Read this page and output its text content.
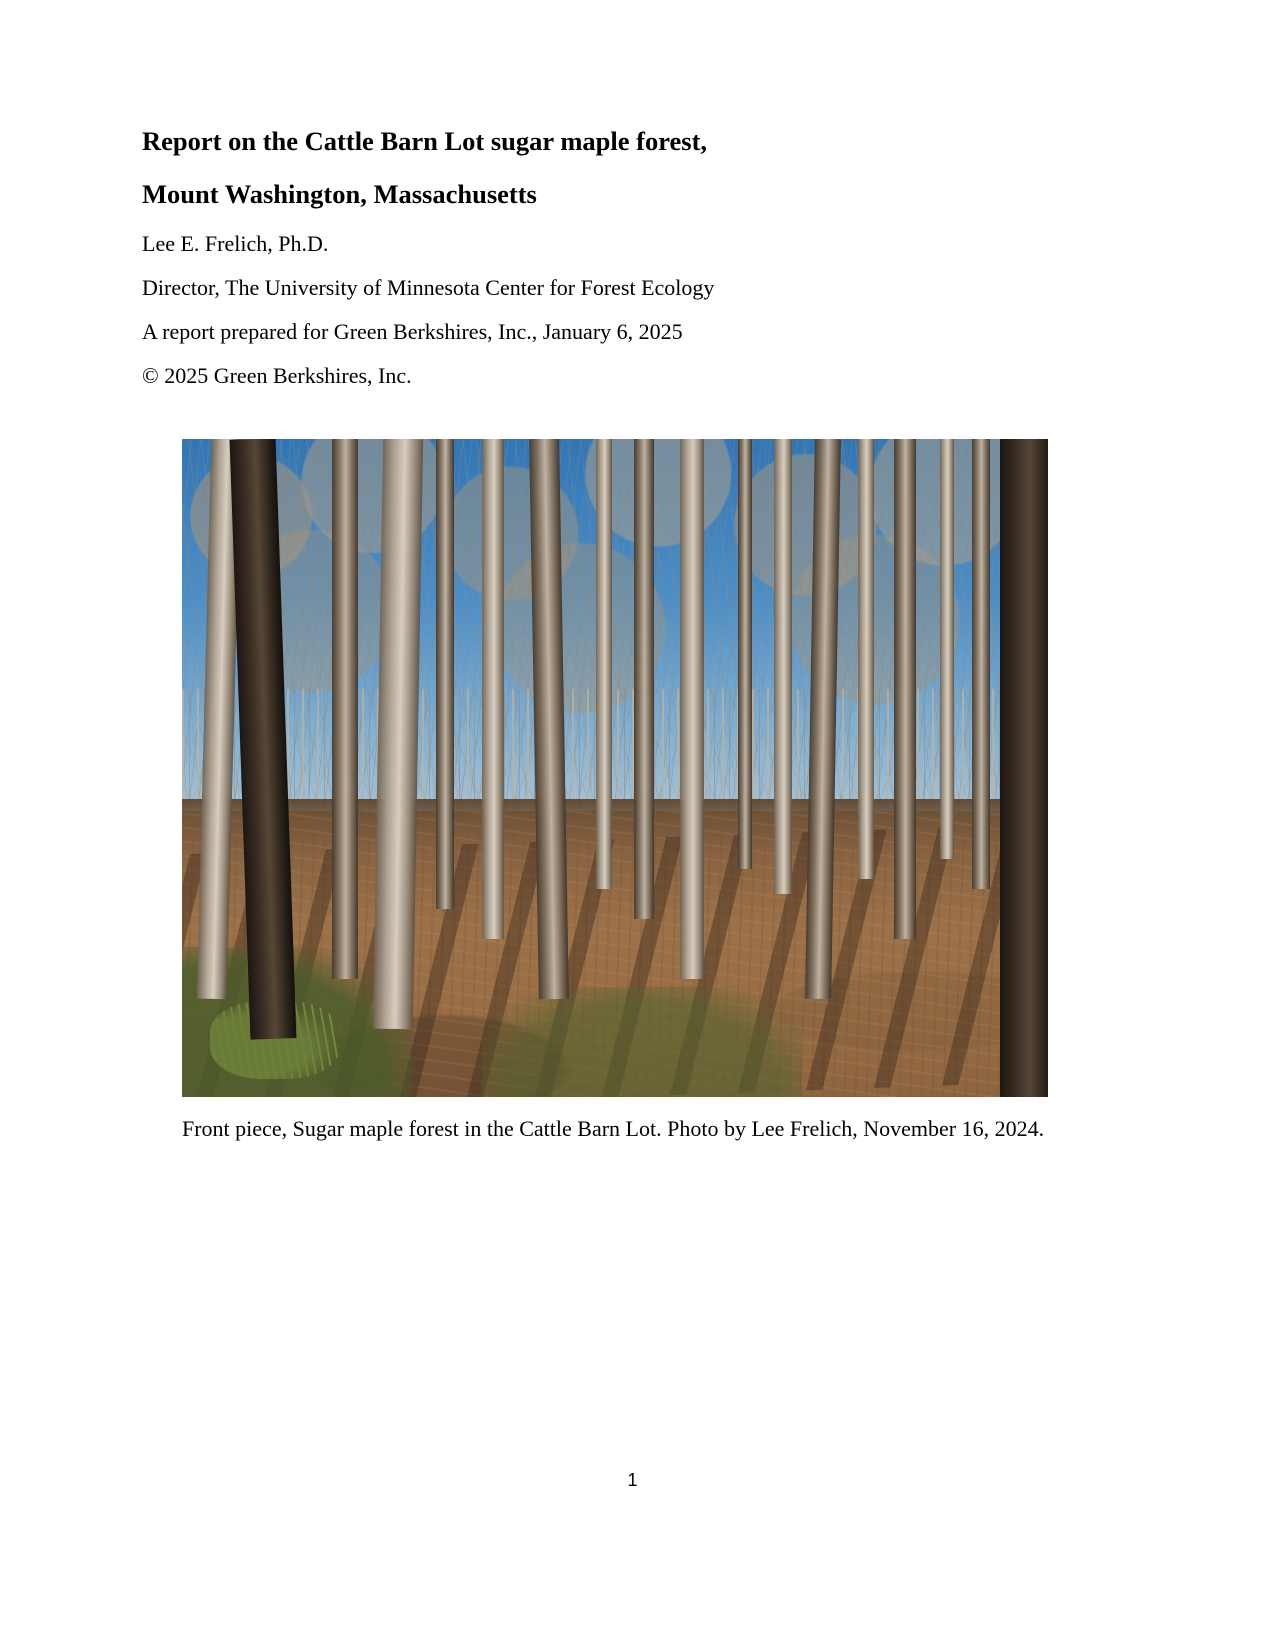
Report on the Cattle Barn Lot sugar maple forest,
Mount Washington, Massachusetts

Lee E. Frelich, Ph.D.

Director, The University of Minnesota Center for Forest Ecology

A report prepared for Green Berkshires, Inc., January 6, 2025

© 2025 Green Berkshires, Inc.

Front piece, Sugar maple forest in the Cattle Barn Lot. Photo by Lee Frelich, November 16, 2024.
1
